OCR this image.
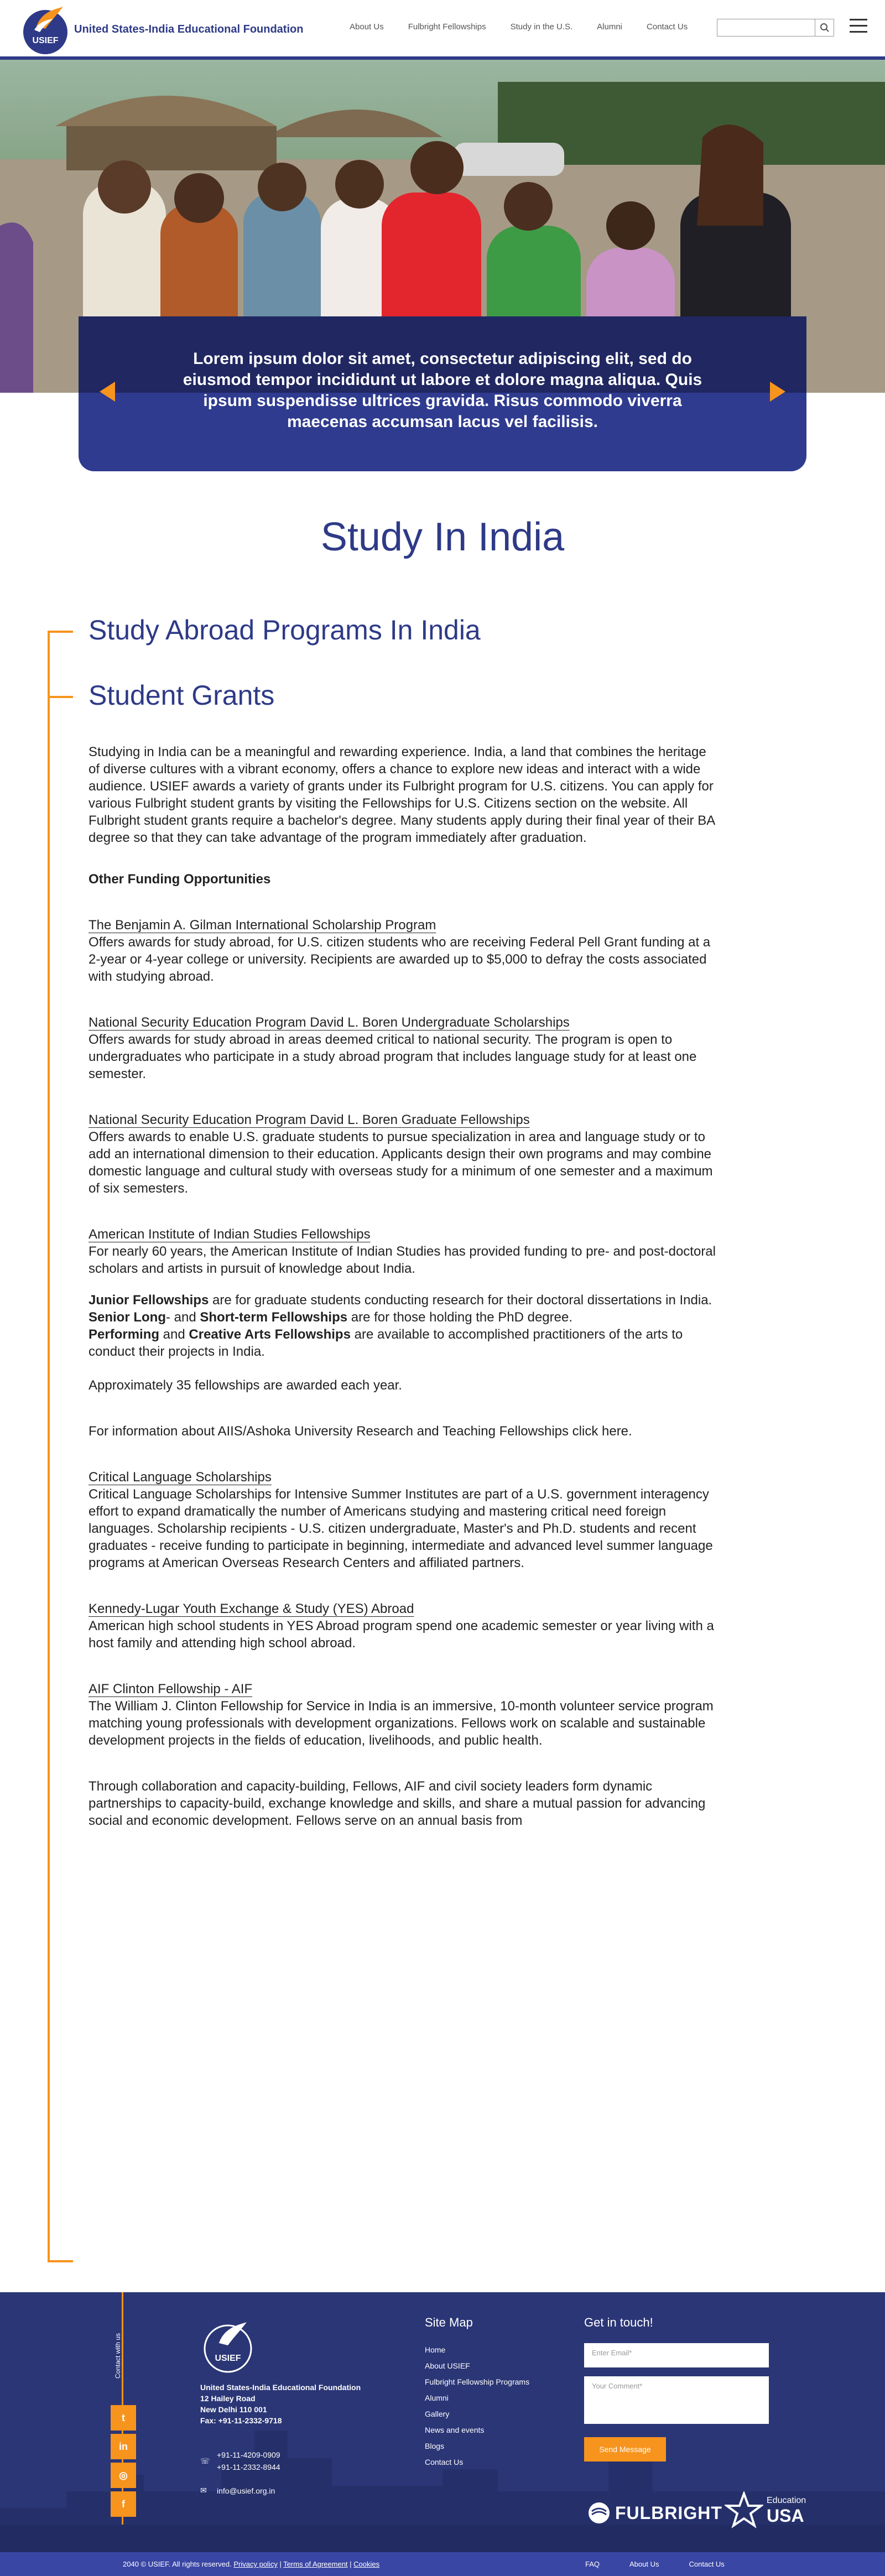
USIEF
United States-India Educational Foundation	About Us	Fulbright Fellowships	Study in the U.S.	Alumni	Contact Us
Lorem ipsum dolor sit amet, consectetur adipiscing elit, sed do eiusmod tempor incididunt ut labore et dolore magna aliqua. Quis ipsum suspendisse ultrices gravida. Risus commodo viverra maecenas accumsan lacus vel facilisis.
Study In India
Study Abroad Programs In India
Student Grants

Studying in India can be a meaningful and rewarding experience. India, a land that combines the heritage of diverse cultures with a vibrant economy, offers a chance to explore new ideas and interact with a wide audience. USIEF awards a variety of grants under its Fulbright program for U.S. citizens. You can apply for various Fulbright student grants by visiting the Fellowships for U.S. Citizens section on the website. All Fulbright student grants require a bachelor's degree. Many students apply during their final year of their BA degree so that they can take advantage of the program immediately after graduation.

Other Funding Opportunities

The Benjamin A. Gilman International Scholarship Program

Offers awards for study abroad, for U.S. citizen students who are receiving Federal Pell Grant funding at a 2-year or 4-year college or university. Recipients are awarded up to $5,000 to defray the costs associated with studying abroad.

National Security Education Program David L. Boren Undergraduate Scholarships

Offers awards for study abroad in areas deemed critical to national security. The program is open to undergraduates who participate in a study abroad program that includes language study for at least one semester.

National Security Education Program David L. Boren Graduate Fellowships

Offers awards to enable U.S. graduate students to pursue specialization in area and language study or to add an international dimension to their education. Applicants design their own programs and may combine domestic language and cultural study with overseas study for a minimum of one semester and a maximum of six semesters.

American Institute of Indian Studies Fellowships

For nearly 60 years, the American Institute of Indian Studies has provided funding to pre- and post-doctoral scholars and artists in pursuit of knowledge about India.

Junior Fellowships are for graduate students conducting research for their doctoral dissertations in India.

Senior Long- and Short-term Fellowships are for those holding the PhD degree.

Performing and Creative Arts Fellowships are available to accomplished practitioners of the arts to conduct their projects in India.

Approximately 35 fellowships are awarded each year.

For information about AIIS/Ashoka University Research and Teaching Fellowships click here.

Critical Language Scholarships

Critical Language Scholarships for Intensive Summer Institutes are part of a U.S. government interagency effort to expand dramatically the number of Americans studying and mastering critical need foreign languages. Scholarship recipients - U.S. citizen undergraduate, Master's and Ph.D. students and recent graduates - receive funding to participate in beginning, intermediate and advanced level summer language programs at American Overseas Research Centers and affiliated partners.

Kennedy-Lugar Youth Exchange & Study (YES) Abroad

American high school students in YES Abroad program spend one academic semester or year living with a host family and attending high school abroad.

AIF Clinton Fellowship - AIF

The William J. Clinton Fellowship for Service in India is an immersive, 10-month volunteer service program matching young professionals with development organizations. Fellows work on scalable and sustainable development projects in the fields of education, livelihoods, and public health.

Through collaboration and capacity-building, Fellows, AIF and civil society leaders form dynamic partnerships to capacity-build, exchange knowledge and skills, and share a mutual passion for advancing social and economic development. Fellows serve on an annual basis from

Contact with us
t
in
◎
f
USIEF
United States-India Educational Foundation
12 Hailey Road
New Delhi 110 001
Fax: +91-11-2332-9718
☏
+91-11-4209-0909
+91-11-2332-8944
✉	info@usief.org.in
Site Map
Home
About USIEF
Fulbright Fellowship Programs
Alumni
Gallery
News and events
Blogs
Contact Us
Get in touch!
Enter Email*
Your Comment*
Send Message
FULBRIGHT
Education
USA
2040 © USIEF. All rights reserved. Privacy policy | Terms of Agreement | Cookies	FAQ	About Us	Contact Us
